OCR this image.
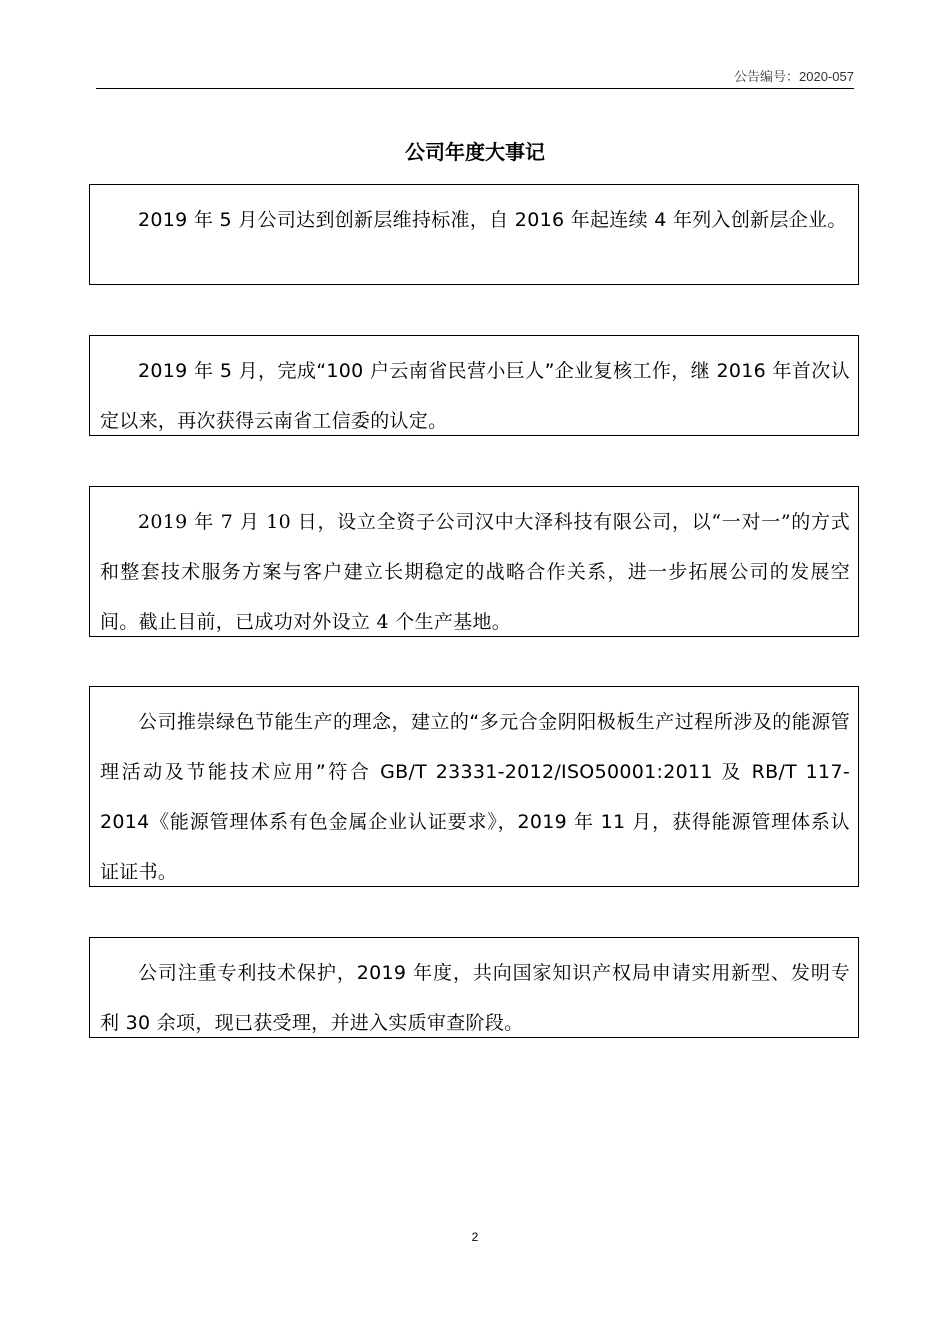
公告编号：2020-057
公司年度大事记

2019 年 5 月公司达到创新层维持标准，自 2016 年起连续 4 年列入创新层企业。

2019 年 5 月，完成“100 户云南省民营小巨人”企业复核工作，继 2016 年首次认定以来，再次获得云南省工信委的认定。

2019 年 7 月 10 日，设立全资子公司汉中大泽科技有限公司，以“一对一”的方式和整套技术服务方案与客户建立长期稳定的战略合作关系，进一步拓展公司的发展空间。截止目前，已成功对外设立 4 个生产基地。

公司推崇绿色节能生产的理念，建立的“多元合金阴阳极板生产过程所涉及的能源管理活动及节能技术应用”符合 GB/T 23331-2012/ISO50001:2011 及 RB/T 117-2014《能源管理体系有色金属企业认证要求》，2019 年 11 月，获得能源管理体系认证证书。

公司注重专利技术保护，2019 年度，共向国家知识产权局申请实用新型、发明专利 30 余项，现已获受理，并进入实质审查阶段。

2
